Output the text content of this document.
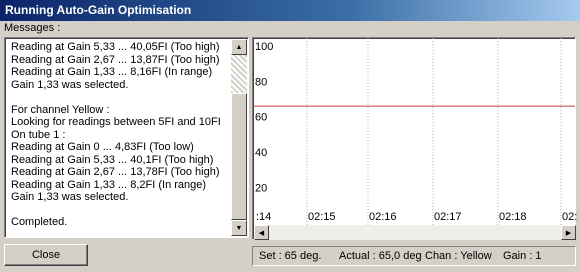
Running Auto-Gain Optimisation
Messages :
Reading at Gain 5,33 ... 40,05FI (Too high)
Reading at Gain 2,67 ... 13,87FI (Too high)
Reading at Gain 1,33 ... 8,16FI (In range)
Gain 1,33 was selected.

For channel Yellow :
Looking for readings between 5FI and 10FI
On tube 1 :
Reading at Gain 0 ... 4,83FI (Too low)
Reading at Gain 5,33 ... 40,1FI (Too high)
Reading at Gain 2,67 ... 13,78FI (Too high)
Reading at Gain 1,33 ... 8,2FI (In range)
Gain 1,33 was selected.

Completed.
▲
▼
:14	02:15	02:16	02:17	02:18	02:
100
80
60
40
20
◀	▶
Close	Set : 65 deg. Actual : 65,0 deg Chan : Yellow Gain : 1
